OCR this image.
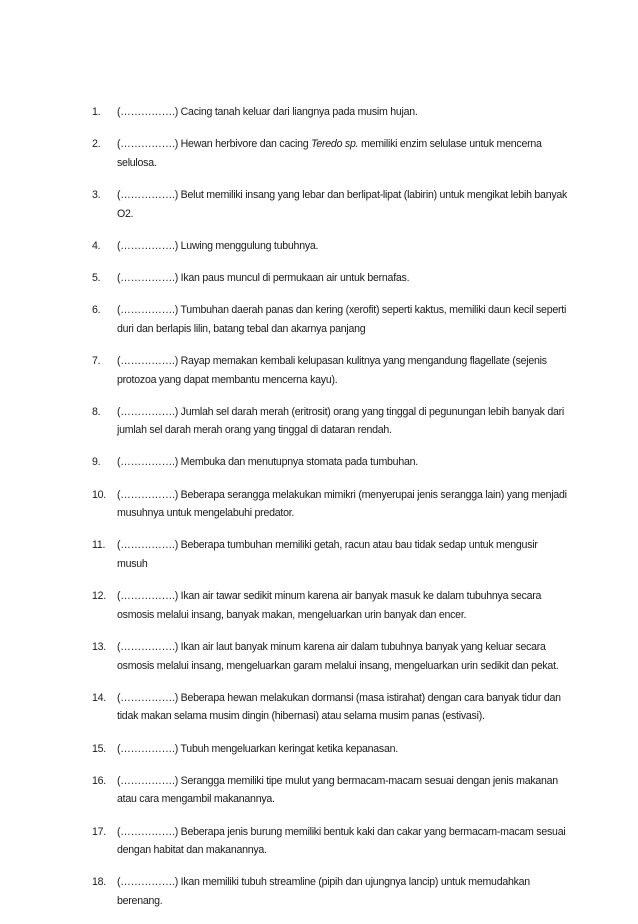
1.	(…………….) Cacing tanah keluar dari liangnya pada musim hujan.
2.	(…………….) Hewan herbivore dan cacing Teredo sp. memiliki enzim selulase untuk mencerna selulosa.
3.	(…………….) Belut memiliki insang yang lebar dan berlipat-lipat (labirin) untuk mengikat lebih banyak O2.
4.	(…………….) Luwing menggulung tubuhnya.
5.	(…………….) Ikan paus muncul di permukaan air untuk bernafas.
6.	(…………….) Tumbuhan daerah panas dan kering (xerofit) seperti kaktus, memiliki daun kecil seperti duri dan berlapis lilin, batang tebal dan akarnya panjang
7.	(…………….) Rayap memakan kembali kelupasan kulitnya yang mengandung flagellate (sejenis protozoa yang dapat membantu mencerna kayu).
8.	(…………….) Jumlah sel darah merah (eritrosit) orang yang tinggal di pegunungan lebih banyak dari jumlah sel darah merah orang yang tinggal di dataran rendah.
9.	(…………….) Membuka dan menutupnya stomata pada tumbuhan.
10.	(…………….) Beberapa serangga melakukan mimikri (menyerupai jenis serangga lain) yang menjadi musuhnya untuk mengelabuhi predator.
11.	(…………….) Beberapa tumbuhan memiliki getah, racun atau bau tidak sedap untuk mengusir musuh
12.	(…………….) Ikan air tawar sedikit minum karena air banyak masuk ke dalam tubuhnya secara osmosis melalui insang, banyak makan, mengeluarkan urin banyak dan encer.
13.	(…………….) Ikan air laut banyak minum karena air dalam tubuhnya banyak yang keluar secara osmosis melalui insang, mengeluarkan garam melalui insang, mengeluarkan urin sedikit dan pekat.
14.	(…………….) Beberapa hewan melakukan dormansi (masa istirahat) dengan cara banyak tidur dan tidak makan selama musim dingin (hibernasi) atau selama musim panas (estivasi).
15.	(…………….) Tubuh mengeluarkan keringat ketika kepanasan.
16.	(…………….) Serangga memiliki tipe mulut yang bermacam-macam sesuai dengan jenis makanan atau cara mengambil makanannya.
17.	(…………….) Beberapa jenis burung memiliki bentuk kaki dan cakar yang bermacam-macam sesuai dengan habitat dan makanannya.
18.	(…………….) Ikan memiliki tubuh streamline (pipih dan ujungnya lancip) untuk memudahkan berenang.
